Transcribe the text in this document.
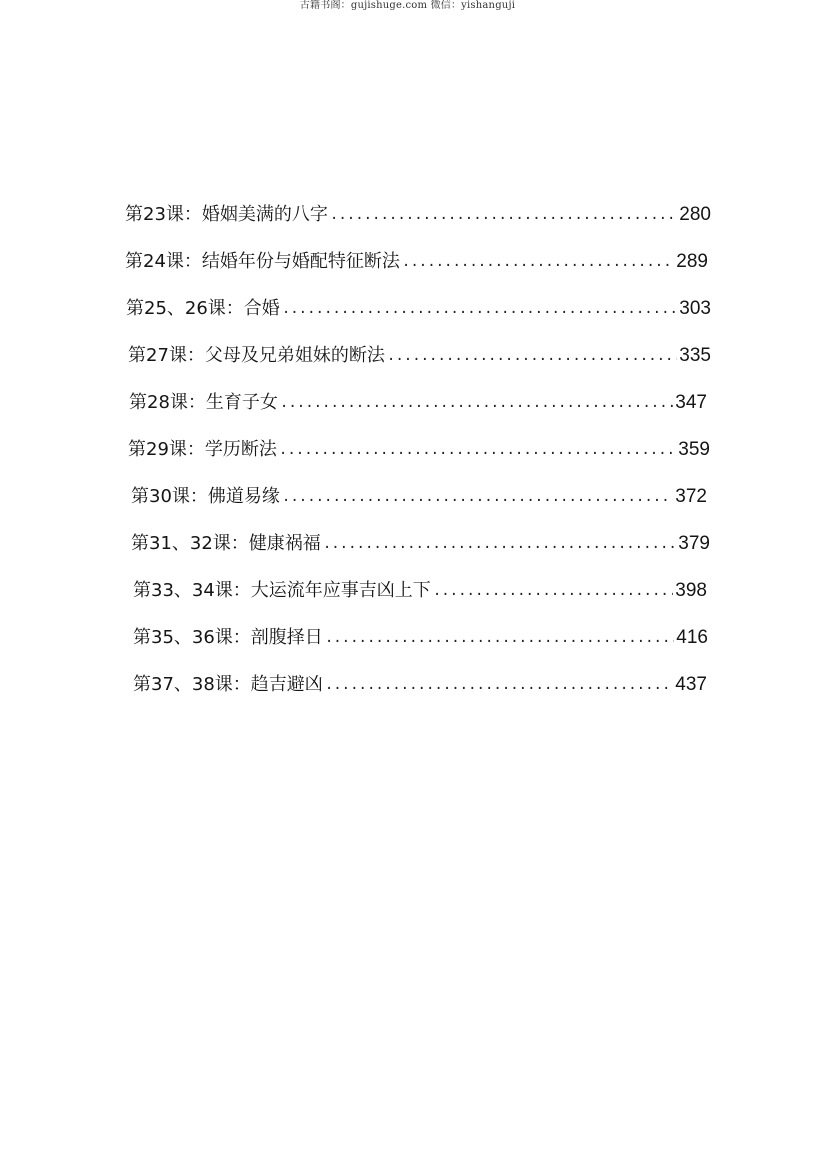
古籍书阁：gujishuge.com 微信：yishanguji
第23课：婚姻美满的八字 .....	280
第24课：结婚年份与婚配特征断法 .....	289
第25、26课：合婚 .....	303
第27课：父母及兄弟姐妹的断法 .....	335
第28课：生育子女 .....	347
第29课：学历断法 .....	359
第30课：佛道易缘 .....	372
第31、32课：健康祸福 .....	379
第33、34课：大运流年应事吉凶上下 .....	398
第35、36课：剖腹择日 .....	416
第37、38课：趋吉避凶 .....	437
